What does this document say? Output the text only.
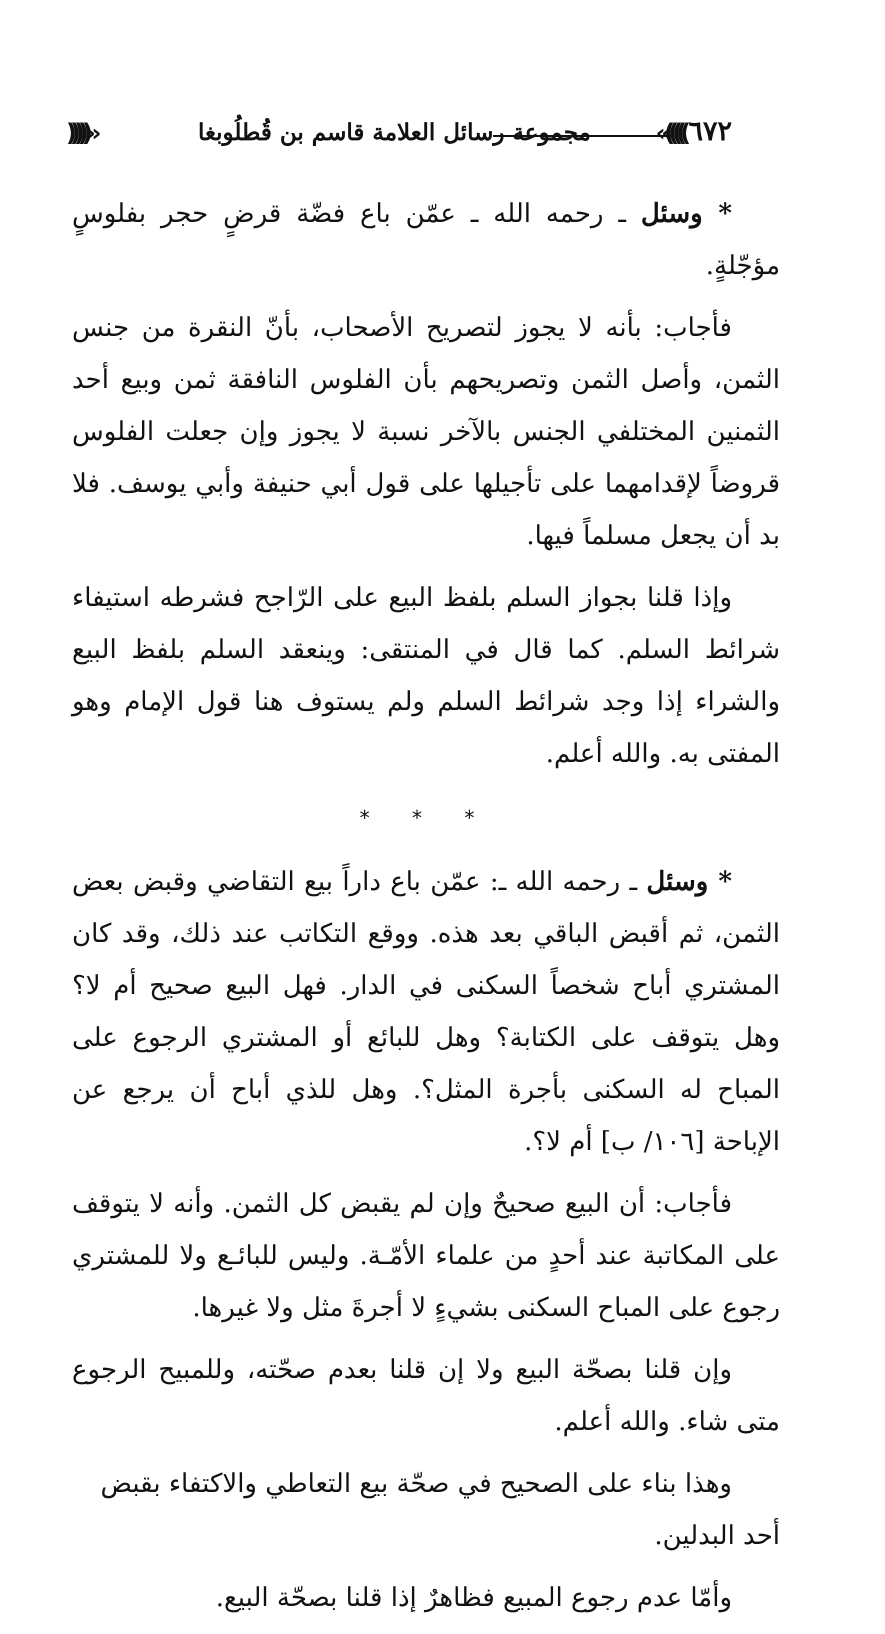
٦٧٢
«(((((
مجموعة رسائل العلامة قاسم بن قُطلُوبغا
)))))»

* وسئل ـ رحمه الله ـ عمّن باع فضّة قرضٍ حجر بفلوسٍ مؤجّلةٍ.

فأجاب: بأنه لا يجوز لتصريح الأصحاب، بأنّ النقرة من جنس الثمن، وأصل الثمن وتصريحهم بأن الفلوس النافقة ثمن وبيع أحد الثمنين المختلفي الجنس بالآخر نسبة لا يجوز وإن جعلت الفلوس قروضاً لإقدامهما على تأجيلها على قول أبي حنيفة وأبي يوسف. فلا بد أن يجعل مسلماً فيها.

وإذا قلنا بجواز السلم بلفظ البيع على الرّاجح فشرطه استيفاء شرائط السلم. كما قال في المنتقى: وينعقد السلم بلفظ البيع والشراء إذا وجد شرائط السلم ولم يستوف هنا قول الإمام وهو المفتى به. والله أعلم.

* * *

* وسئل ـ رحمه الله ـ: عمّن باع داراً بيع التقاضي وقبض بعض الثمن، ثم أقبض الباقي بعد هذه. ووقع التكاتب عند ذلك، وقد كان المشتري أباح شخصاً السكنى في الدار. فهل البيع صحيح أم لا؟ وهل يتوقف على الكتابة؟ وهل للبائع أو المشتري الرجوع على المباح له السكنى بأجرة المثل؟. وهل للذي أباح أن يرجع عن الإباحة [١٠٦/ ب] أم لا؟.

فأجاب: أن البيع صحيحٌ وإن لم يقبض كل الثمن. وأنه لا يتوقف على المكاتبة عند أحدٍ من علماء الأمّـة. وليس للبائـع ولا للمشتري رجوع على المباح السكنى بشيءٍ لا أجرةَ مثل ولا غيرها.

وإن قلنا بصحّة البيع ولا إن قلنا بعدم صحّته، وللمبيح الرجوع متى شاء. والله أعلم.

وهذا بناء على الصحيح في صحّة بيع التعاطي والاكتفاء بقبض أحد البدلين.

وأمّا عدم رجوع المبيع فظاهرٌ إذا قلنا بصحّة البيع.
